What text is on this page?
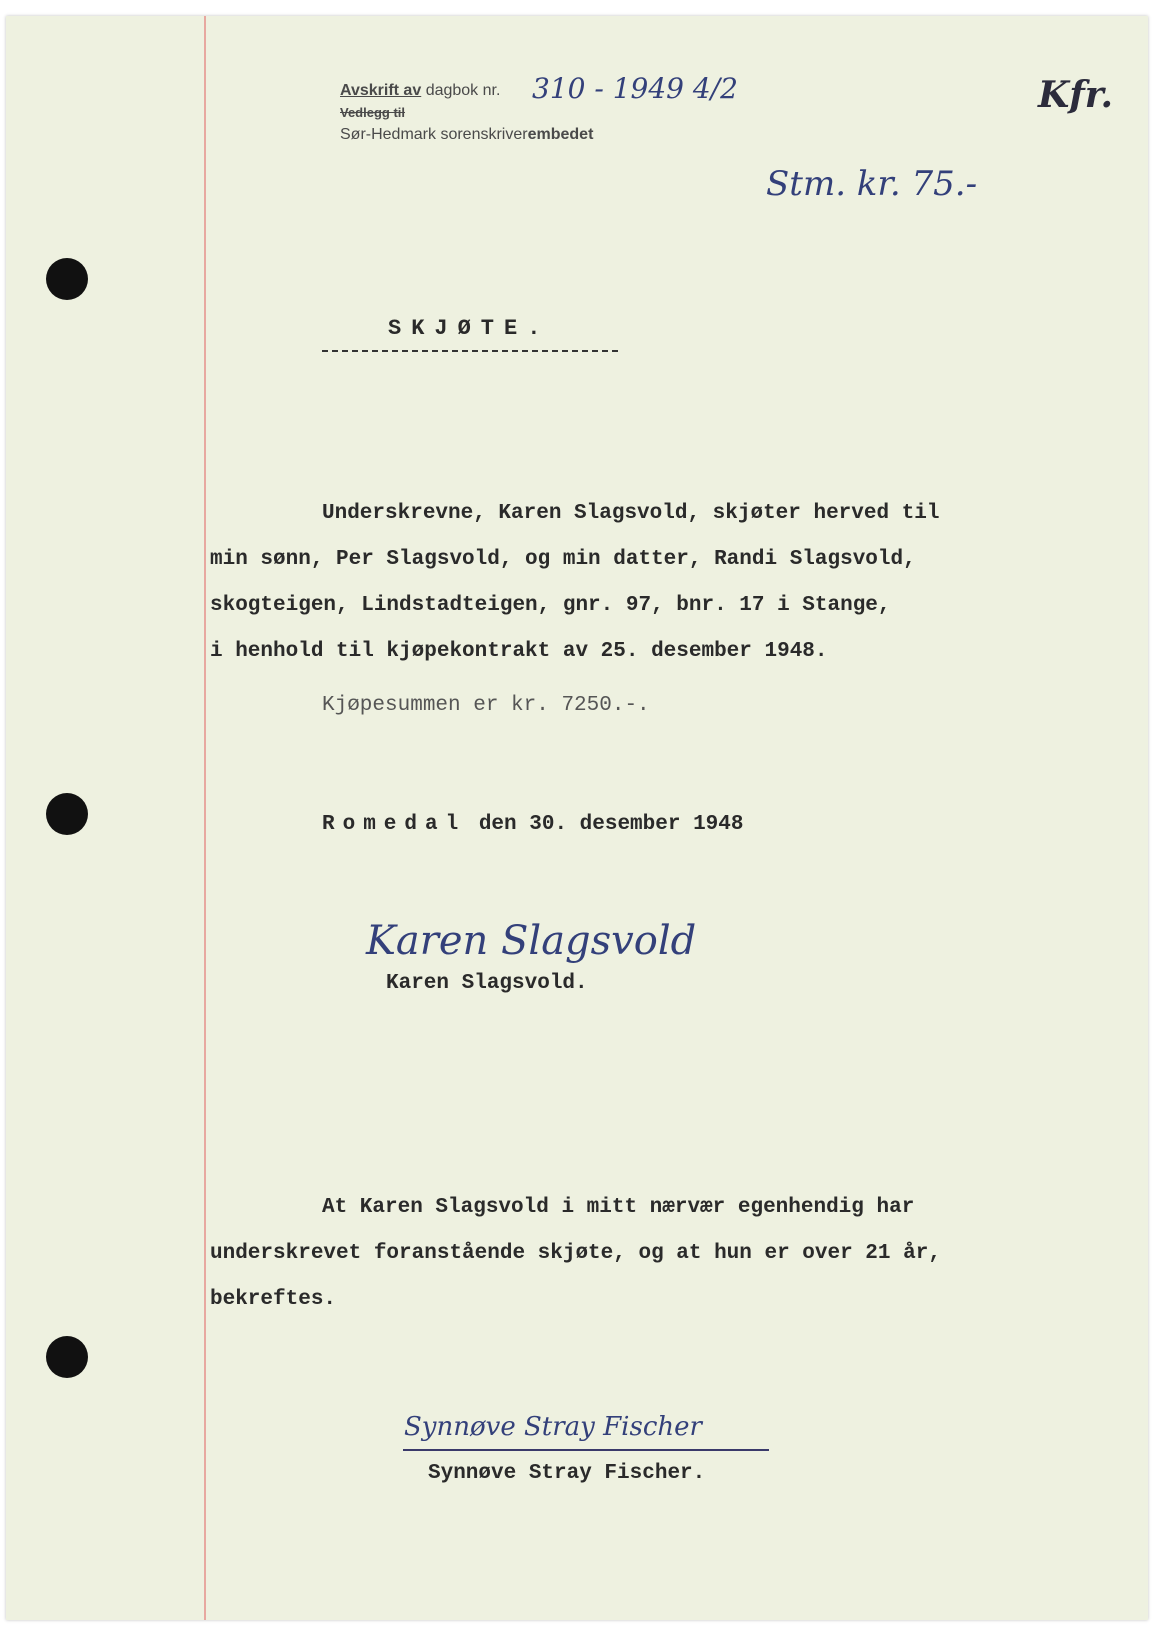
Avskrift av dagbok nr.
Vedlegg til
Sør-Hedmark sorenskriverembedet
310 - 1949 4/2	Kfr.
Stm. kr. 75.-
SKJØTE.
Underskrevne, Karen Slagsvold, skjøter herved til
min sønn, Per Slagsvold, og min datter, Randi Slagsvold,
skogteigen, Lindstadteigen, gnr. 97, bnr. 17 i Stange,
i henhold til kjøpekontrakt av 25. desember 1948.
Kjøpesummen er kr. 7250.-.
Romedal den 30. desember 1948
Karen Slagsvold
Karen Slagsvold.
At Karen Slagsvold i mitt nærvær egenhendig har
underskrevet foranstående skjøte, og at hun er over 21 år,
bekreftes.
Synnøve Stray Fischer
Synnøve Stray Fischer.
